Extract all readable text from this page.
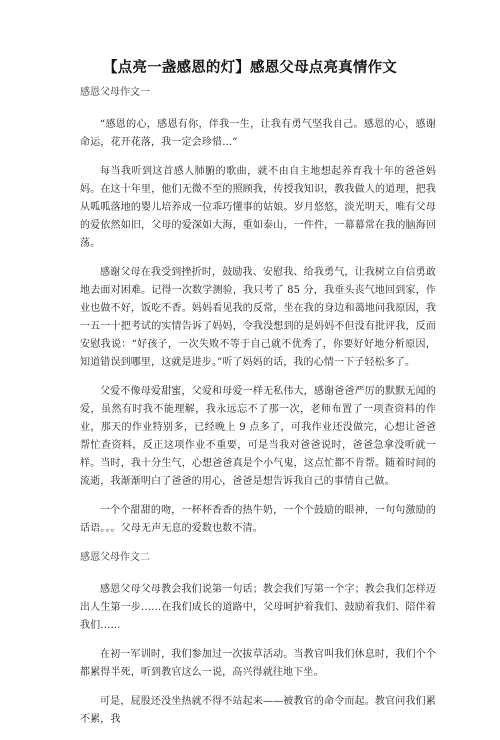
【点亮一盏感恩的灯】感恩父母点亮真情作文
感恩父母作文一

“感恩的心，感恩有你，伴我一生，让我有勇气坚我自己。感恩的心，感谢命运，花开花落，我一定会珍惜…”

每当我听到这首感人肺腑的歌曲，就不由自主地想起养育我十年的爸爸妈妈。在这十年里，他们无微不至的照顾我，传授我知识，教我做人的道理，把我从呱呱落地的婴儿培养成一位乖巧懂事的姑娘。岁月悠悠，淡光明天，唯有父母的爱依然如旧，父母的爱深如大海，重如泰山，一件件，一幕幕常在我的脑海回荡。

感谢父母在我受到挫折时，鼓励我、安慰我、给我勇气，让我树立自信勇敢地去面对困难。记得一次数学测验，我只考了 85 分，我垂头丧气地回到家，作业也做不好，饭吃不香。妈妈看见我的反常，坐在我的身边和蔼地问我原因，我一五一十把考试的实情告诉了妈妈，令我没想到的是妈妈不但没有批评我，反而安慰我说：“好孩子，一次失败不等于自己就不优秀了，你要好好地分析原因，知道错误到哪里，这就是进步。”听了妈妈的话，我的心情一下子轻松多了。

父爱不像母爱甜蜜，父爱和母爱一样无私伟大，感谢爸爸严厉的默默无闻的爱，虽然有时我不能理解，我永远忘不了那一次，老师布置了一项查资料的作业，那天的作业特别多，已经晚上 9 点多了，可我作业还没做完，心想让爸爸帮忙查资料，反正这项作业不重要，可是当我对爸爸说时，爸爸急拿没听就一样。当时，我十分生气，心想爸爸真是个小气鬼，这点忙都不肯帮。随着时间的流逝，我渐渐明白了爸爸的用心，爸爸是想告诉我自己的事情自己做。

一个个甜甜的吻，一杯杯香香的热牛奶，一个个鼓励的眼神，一句句激励的话语。。。父母无声无息的爱数也数不清。

感恩父母作文二

感恩父母父母教会我们说第一句话；教会我们写第一个字；教会我们怎样迈出人生第一步……在我们成长的道路中，父母呵护着我们、鼓励着我们、陪伴着我们……

在初一军训时，我们参加过一次拔草活动。当教官叫我们休息时，我们个个都累得半死，听到教官这么一说，高兴得就往地下坐。

可是，屁股还没坐热就不得不站起来——被教官的命令而起。教官问我们累不累，我
